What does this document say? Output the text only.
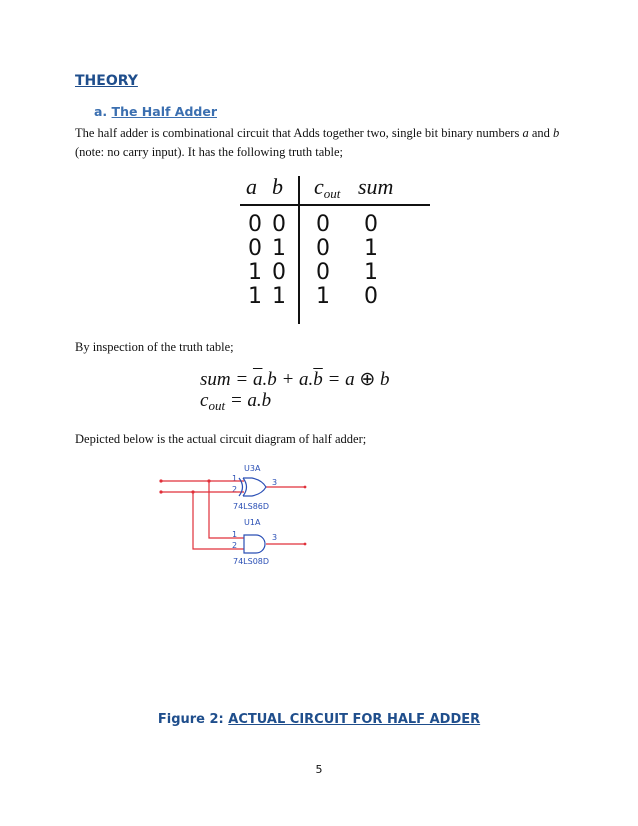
THEORY
a. The Half Adder
The half adder is combinational circuit that Adds together two, single bit binary numbers a and b
(note: no carry input). It has the following truth table;
a b $c_{out}$ sum
0 0 0 0
0 1 0 1
1 0 0 1
1 1 1 0
By inspection of the truth table;
sum = $\overline{a}.b + a.\overline{b} = a$ ⊕ b
$c_{out} = a.b$
Depicted below is the actual circuit diagram of half adder;
U3A
1
2
3
74LS86D
U1A
1
2
3
74LS08D
Figure 2: ACTUAL CIRCUIT FOR HALF ADDER
5
